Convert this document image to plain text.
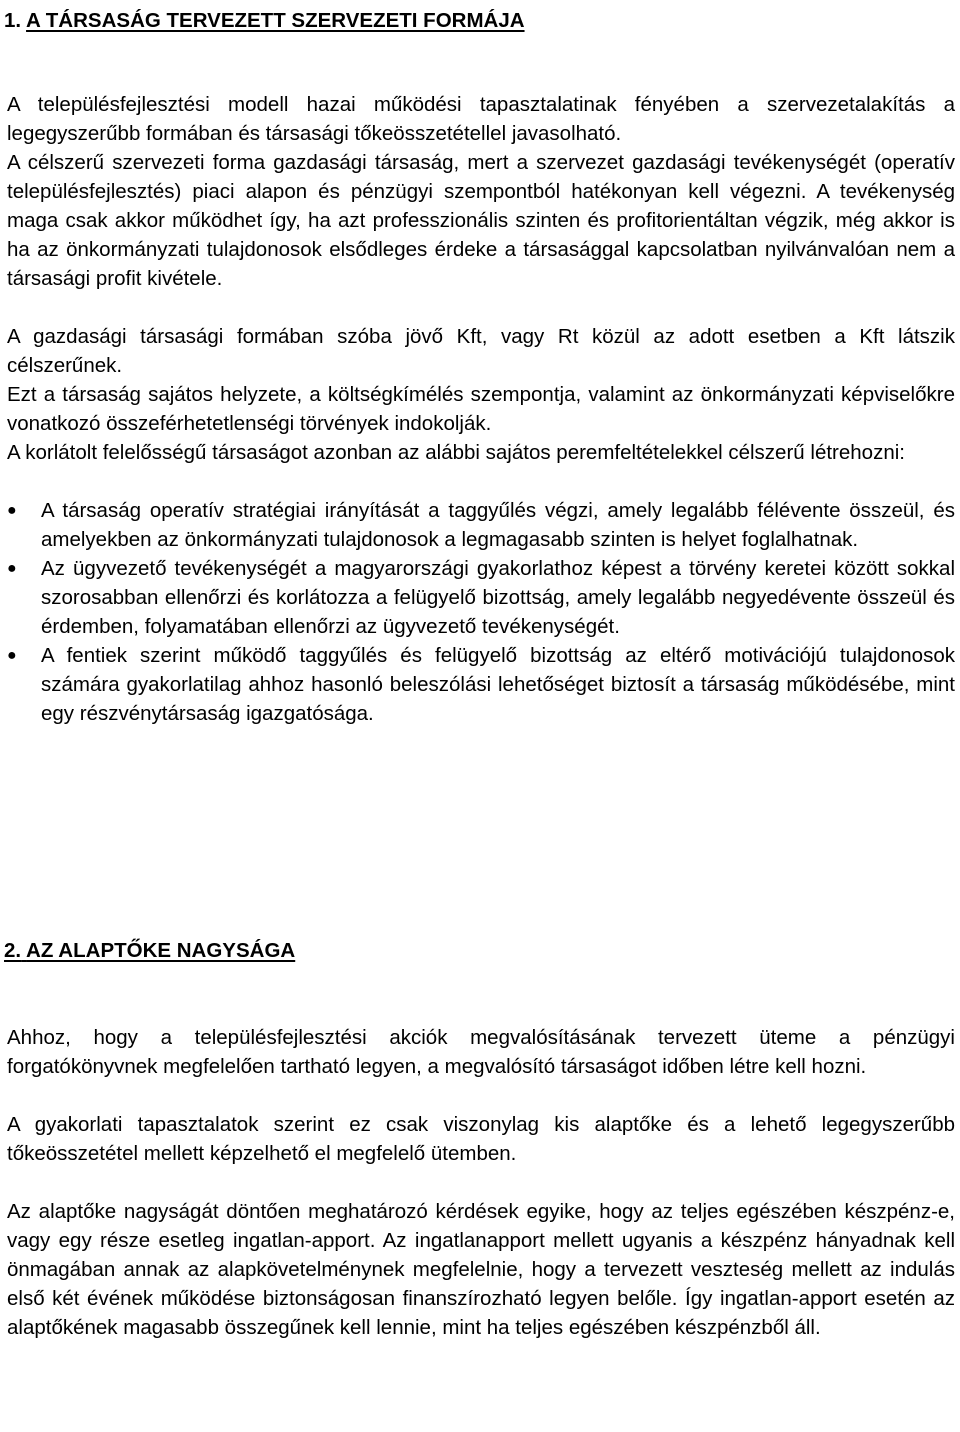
1. A TÁRSASÁG TERVEZETT SZERVEZETI FORMÁJA

A településfejlesztési modell hazai működési tapasztalatinak fényében a szervezetalakítás a legegyszerűbb formában és társasági tőkeösszetétellel javasolható.

A célszerű szervezeti forma gazdasági társaság, mert a szervezet gazdasági tevékenységét (operatív településfejlesztés) piaci alapon és pénzügyi szempontból hatékonyan kell végezni. A tevékenység maga csak akkor működhet így, ha azt professzionális szinten és profitorientáltan végzik, még akkor is ha az önkormányzati tulajdonosok elsődleges érdeke a társasággal kapcsolatban nyilvánvalóan nem a társasági profit kivétele.

A gazdasági társasági formában szóba jövő Kft, vagy Rt közül az adott esetben a Kft látszik célszerűnek.

Ezt a társaság sajátos helyzete, a költségkímélés szempontja, valamint az önkormányzati képviselőkre vonatkozó összeférhetetlenségi törvények indokolják.

A korlátolt felelősségű társaságot azonban az alábbi sajátos peremfeltételekkel célszerű létrehozni:

●	A társaság operatív stratégiai irányítását a taggyűlés végzi, amely legalább félévente összeül, és amelyekben az önkormányzati tulajdonosok a legmagasabb szinten is helyet foglalhatnak.
●	Az ügyvezető tevékenységét a magyarországi gyakorlathoz képest a törvény keretei között sokkal szorosabban ellenőrzi és korlátozza a felügyelő bizottság, amely legalább negyedévente összeül és érdemben, folyamatában ellenőrzi az ügyvezető tevékenységét.
●	A fentiek szerint működő taggyűlés és felügyelő bizottság az eltérő motivációjú tulajdonosok számára gyakorlatilag ahhoz hasonló beleszólási lehetőséget biztosít a társaság működésébe, mint egy részvénytársaság igazgatósága.
2. AZ ALAPTŐKE NAGYSÁGA

Ahhoz, hogy a településfejlesztési akciók megvalósításának tervezett üteme a pénzügyi forgatókönyvnek megfelelően tartható legyen, a megvalósító társaságot időben létre kell hozni.

A gyakorlati tapasztalatok szerint ez csak viszonylag kis alaptőke és a lehető legegyszerűbb tőkeösszetétel mellett képzelhető el megfelelő ütemben.

Az alaptőke nagyságát döntően meghatározó kérdések egyike, hogy az teljes egészében készpénz-e, vagy egy része esetleg ingatlan-apport. Az ingatlanapport mellett ugyanis a készpénz hányadnak kell önmagában annak az alapkövetelménynek megfelelnie, hogy a tervezett veszteség mellett az indulás első két évének működése biztonságosan finanszírozható legyen belőle. Így ingatlan-apport esetén az alaptőkének magasabb összegűnek kell lennie, mint ha teljes egészében készpénzből áll.
